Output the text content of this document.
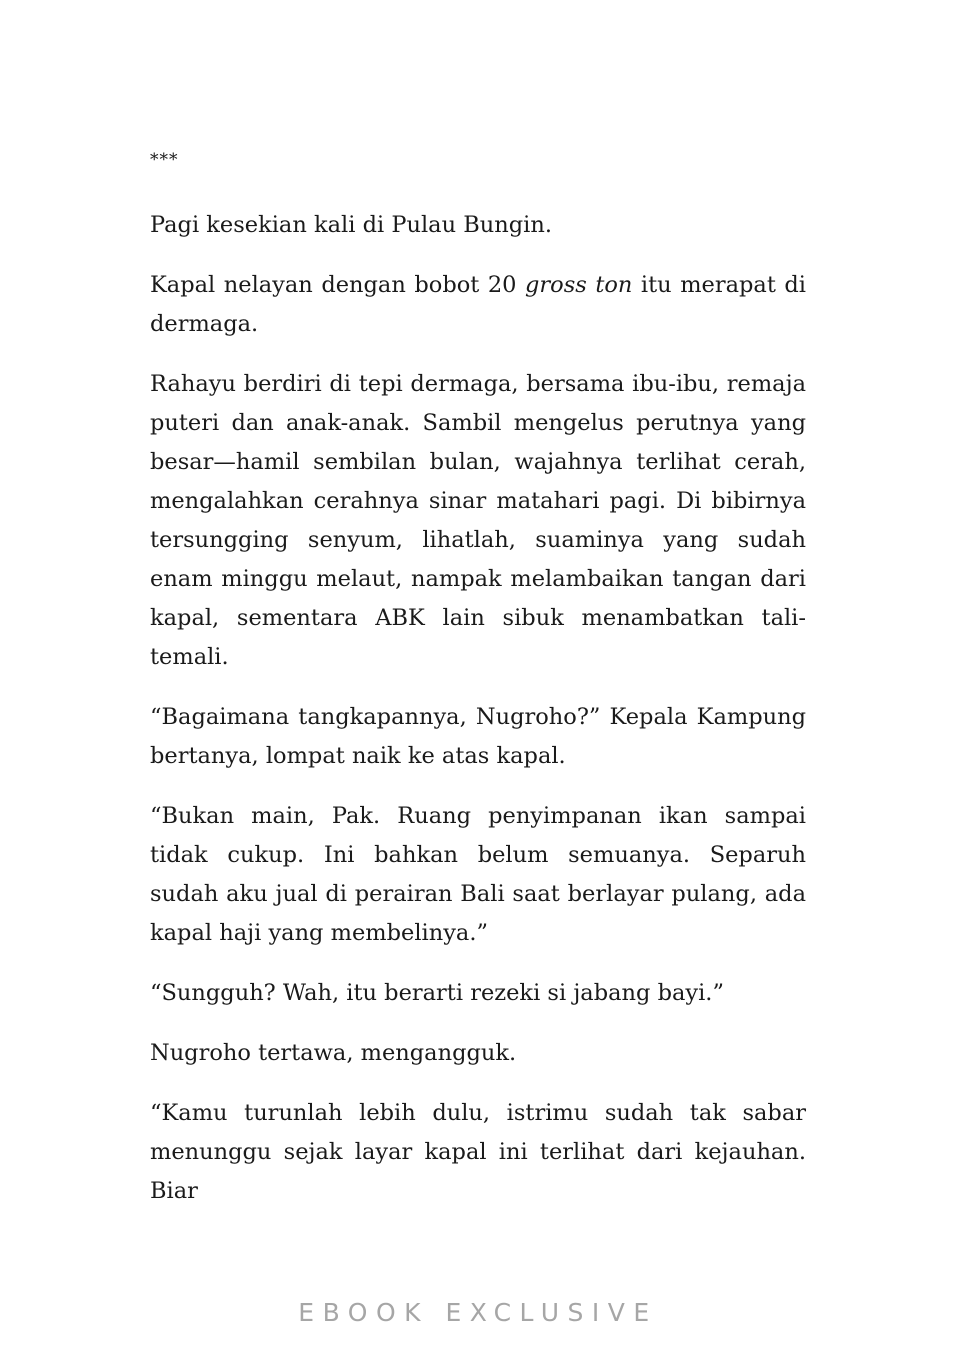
***

Pagi kesekian kali di Pulau Bungin.

Kapal nelayan dengan bobot 20 gross ton itu merapat di dermaga.

Rahayu berdiri di tepi dermaga, bersama ibu-ibu, remaja puteri dan anak-anak. Sambil mengelus perutnya yang besar—hamil sembilan bulan, wajahnya terlihat cerah, mengalahkan cerahnya sinar matahari pagi. Di bibirnya tersungging senyum, lihatlah, suaminya yang sudah enam minggu melaut, nampak melambaikan tangan dari kapal, sementara ABK lain sibuk menambatkan tali-temali.

“Bagaimana tangkapannya, Nugroho?” Kepala Kampung bertanya, lompat naik ke atas kapal.

“Bukan main, Pak. Ruang penyimpanan ikan sampai tidak cukup. Ini bahkan belum semuanya. Separuh sudah aku jual di perairan Bali saat berlayar pulang, ada kapal haji yang membelinya.”

“Sungguh? Wah, itu berarti rezeki si jabang bayi.”

Nugroho tertawa, mengangguk.

“Kamu turunlah lebih dulu, istrimu sudah tak sabar menunggu sejak layar kapal ini terlihat dari kejauhan. Biar

EBOOK EXCLUSIVE
